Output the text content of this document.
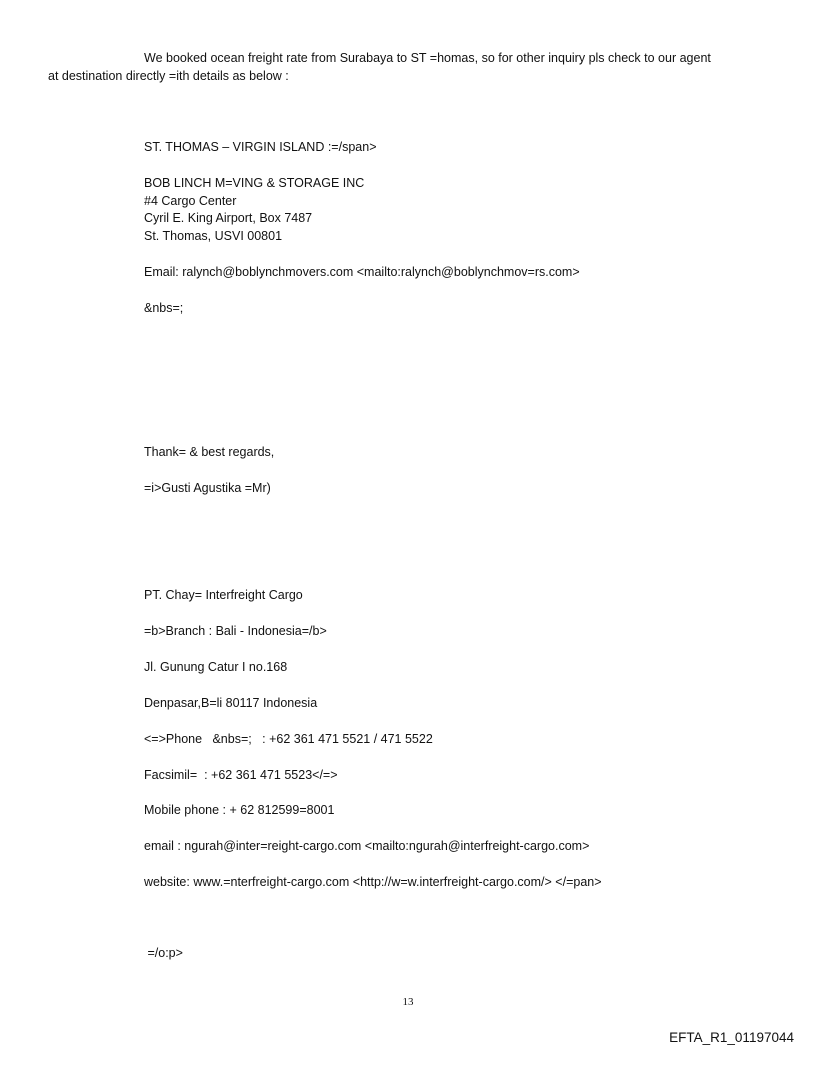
We booked ocean freight rate from Surabaya to ST =homas, so for other inquiry pls check to our agent
at destination directly =ith details as below :
ST. THOMAS – VIRGIN ISLAND :=/span>
BOB LINCH M=VING & STORAGE INC
#4 Cargo Center
Cyril E. King Airport, Box 7487
St. Thomas, USVI 00801
Email: ralynch@boblynchmovers.com <mailto:ralynch@boblynchmov=rs.com>
&nbs=;
Thank= & best regards,
=i>Gusti Agustika =Mr)
PT. Chay= Interfreight Cargo
=b>Branch : Bali - Indonesia=/b>
Jl. Gunung Catur I no.168
Denpasar,B=li 80117 Indonesia
<=>Phone   &nbs=;   : +62 361 471 5521 / 471 5522
Facsimil=  : +62 361 471 5523</=>
Mobile phone : + 62 812599=8001
email : ngurah@inter=reight-cargo.com <mailto:ngurah@interfreight-cargo.com>
website: www.=nterfreight-cargo.com <http://w=w.interfreight-cargo.com/> </=pan>
=/o:p>
13
EFTA_R1_01197044
